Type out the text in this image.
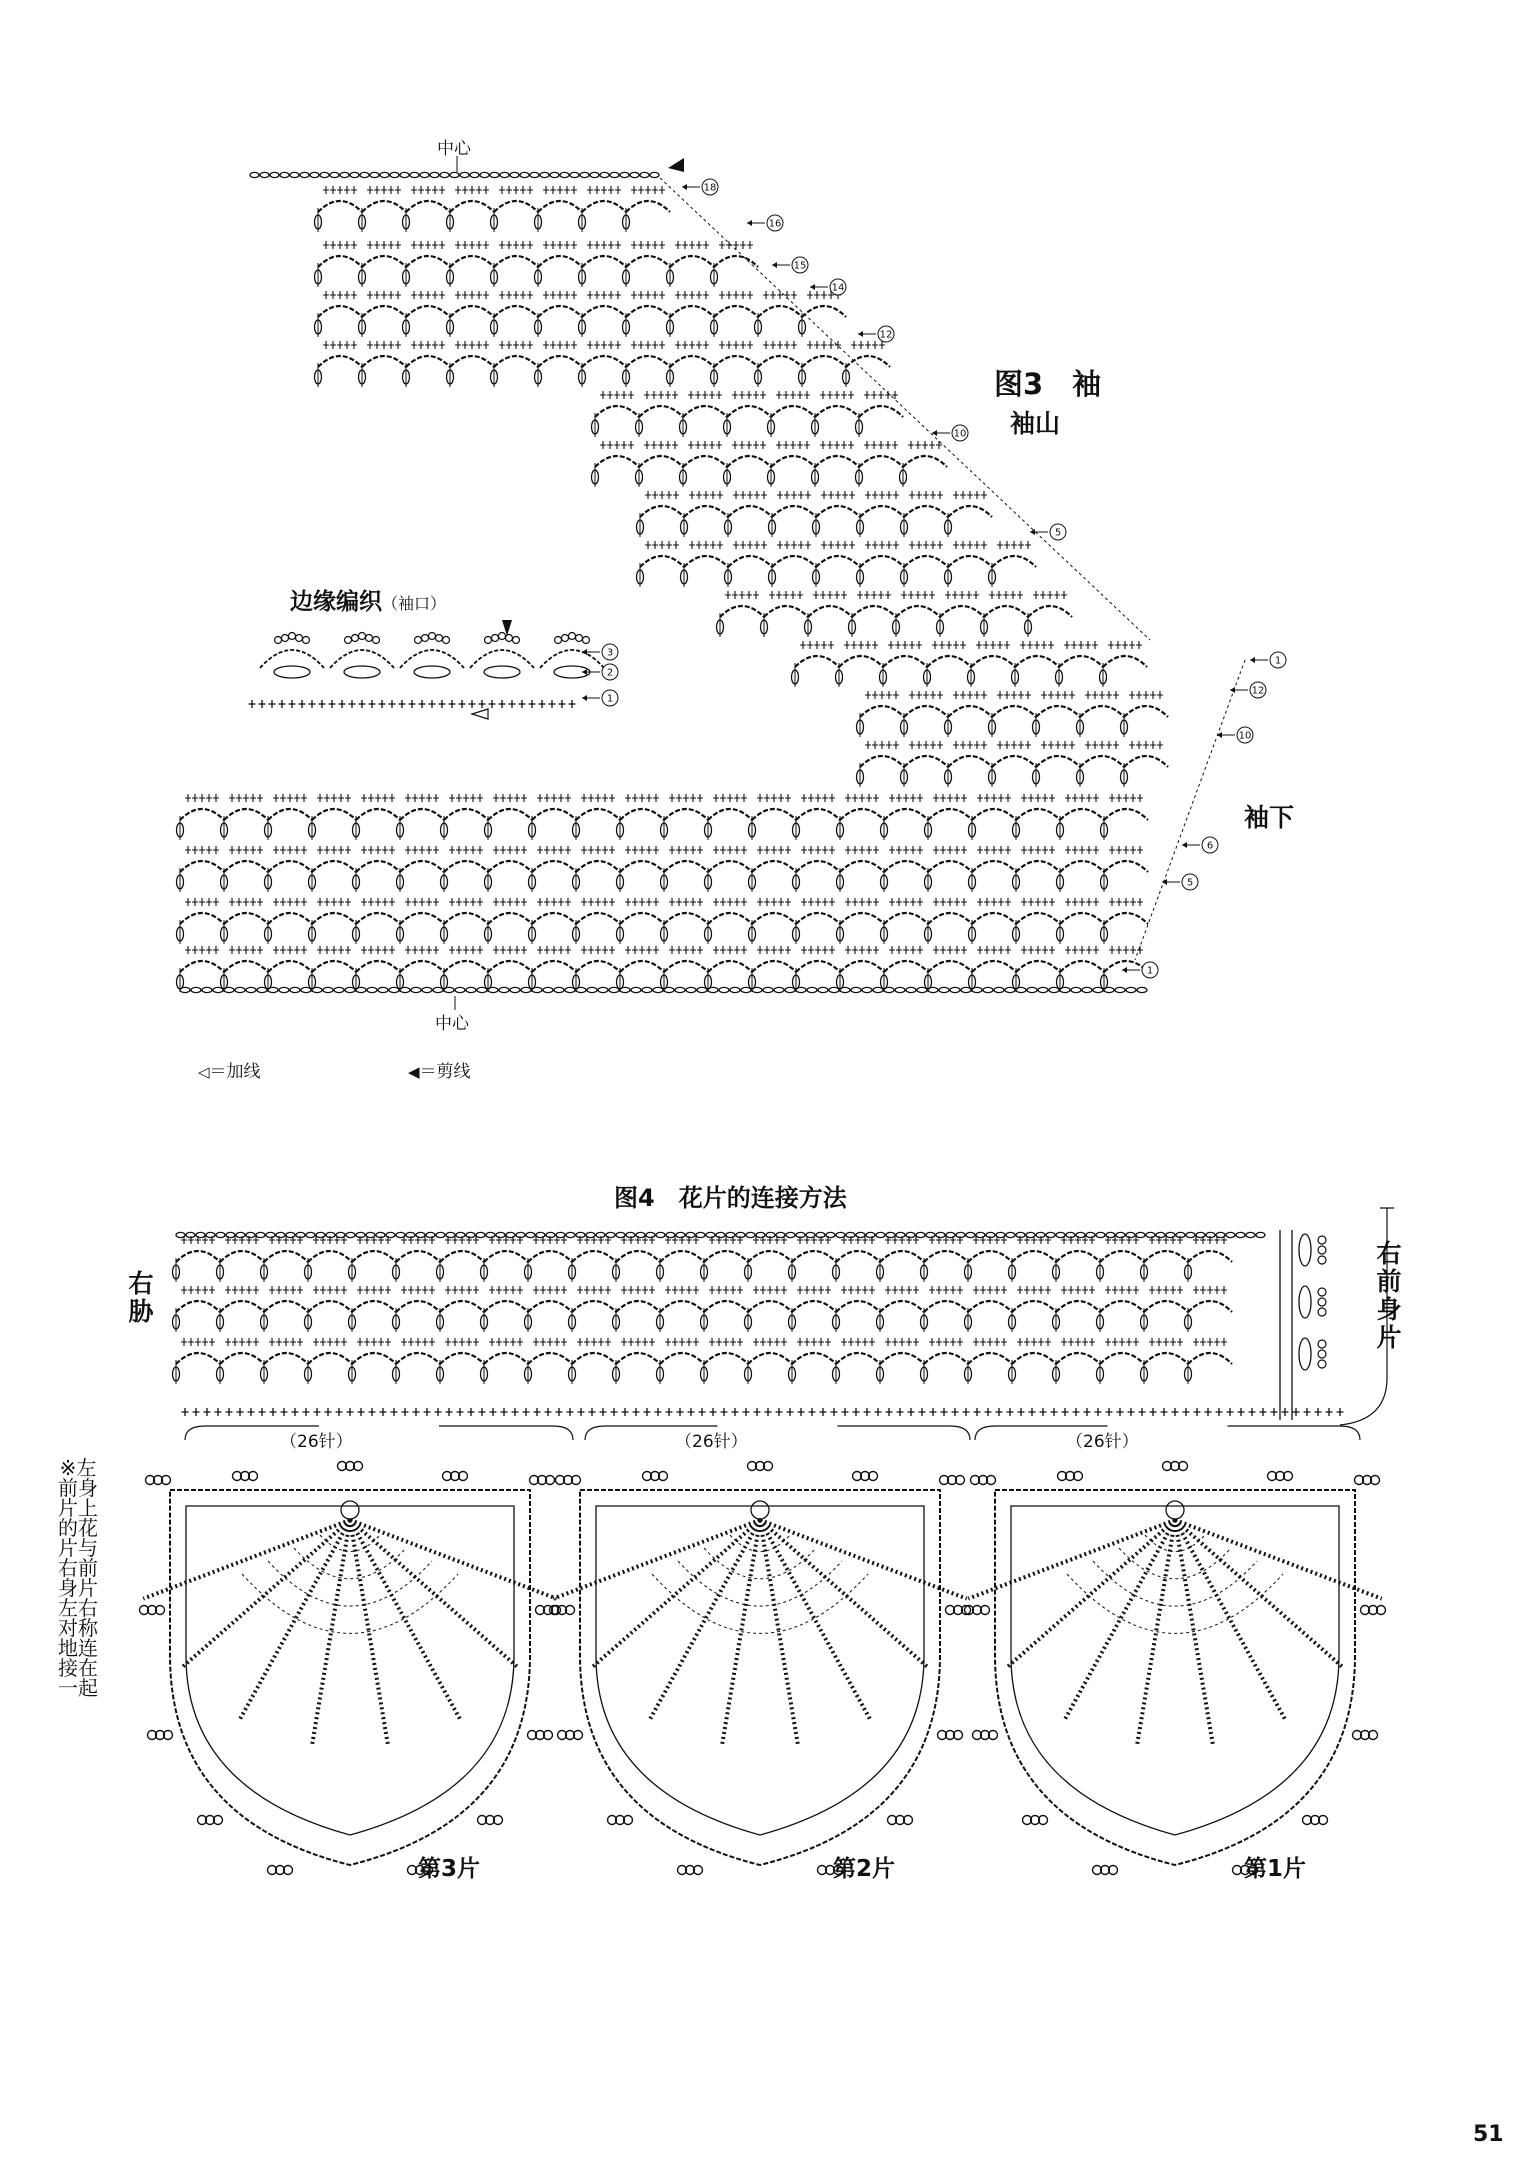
18
16
15
14
12
10
5
1
12
10
6
5
1
3
2
1
中心
图3　袖
袖山
袖下
中心
边缘编织（袖口）
◁＝加线	◀＝剪线
图4　花片的连接方法
右胁
右前身片
（26针）	（26针）	（26针）
第3片	第2片	第1片
※左前身片上的花片与右前身片左右对称地连接在一起
51
